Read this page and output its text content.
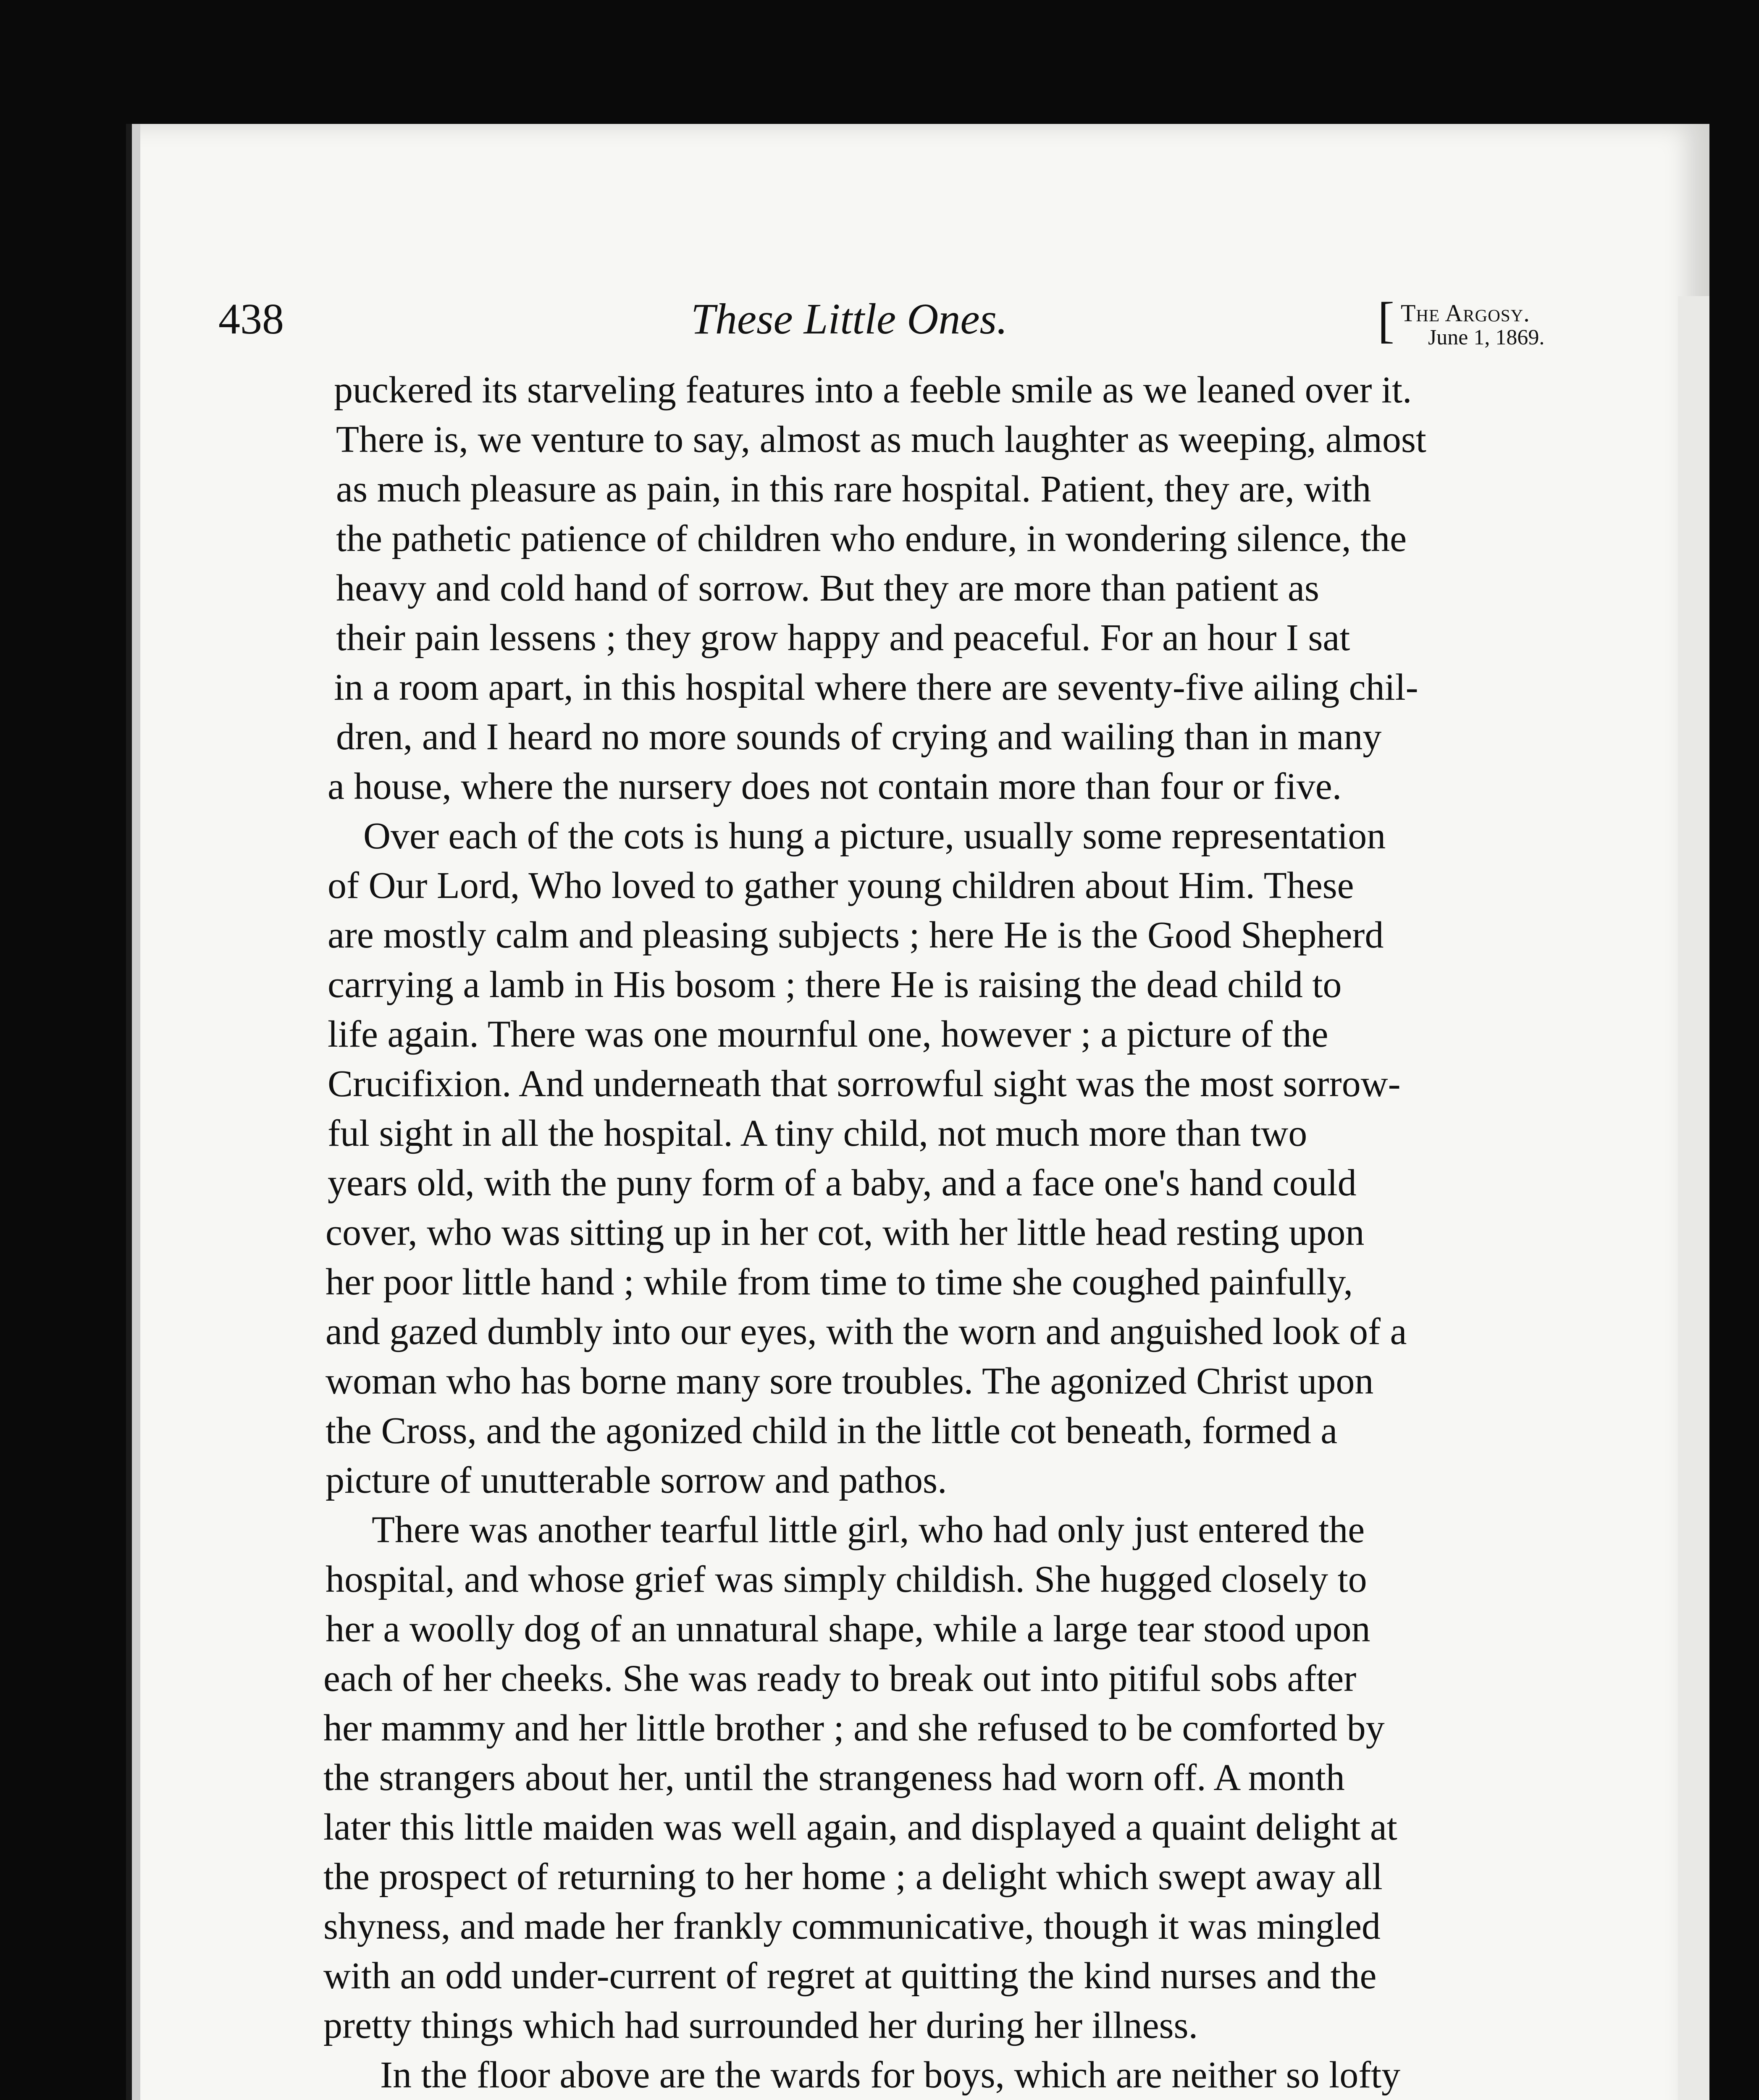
438	These Little Ones.	[ The Argosy.
June 1, 1869.
puckered its starveling features into a feeble smile as we leaned over it.
There is, we venture to say, almost as much laughter as weeping, almost
as much pleasure as pain, in this rare hospital. Patient, they are, with
the pathetic patience of children who endure, in wondering silence, the
heavy and cold hand of sorrow. But they are more than patient as
their pain lessens ; they grow happy and peaceful. For an hour I sat
in a room apart, in this hospital where there are seventy-five ailing chil-
dren, and I heard no more sounds of crying and wailing than in many
a house, where the nursery does not contain more than four or five.
Over each of the cots is hung a picture, usually some representation
of Our Lord, Who loved to gather young children about Him. These
are mostly calm and pleasing subjects ; here He is the Good Shepherd
carrying a lamb in His bosom ; there He is raising the dead child to
life again. There was one mournful one, however ; a picture of the
Crucifixion. And underneath that sorrowful sight was the most sorrow-
ful sight in all the hospital. A tiny child, not much more than two
years old, with the puny form of a baby, and a face one's hand could
cover, who was sitting up in her cot, with her little head resting upon
her poor little hand ; while from time to time she coughed painfully,
and gazed dumbly into our eyes, with the worn and anguished look of a
woman who has borne many sore troubles. The agonized Christ upon
the Cross, and the agonized child in the little cot beneath, formed a
picture of unutterable sorrow and pathos.
There was another tearful little girl, who had only just entered the
hospital, and whose grief was simply childish. She hugged closely to
her a woolly dog of an unnatural shape, while a large tear stood upon
each of her cheeks. She was ready to break out into pitiful sobs after
her mammy and her little brother ; and she refused to be comforted by
the strangers about her, until the strangeness had worn off. A month
later this little maiden was well again, and displayed a quaint delight at
the prospect of returning to her home ; a delight which swept away all
shyness, and made her frankly communicative, though it was mingled
with an odd under-current of regret at quitting the kind nurses and the
pretty things which had surrounded her during her illness.
In the floor above are the wards for boys, which are neither so lofty
